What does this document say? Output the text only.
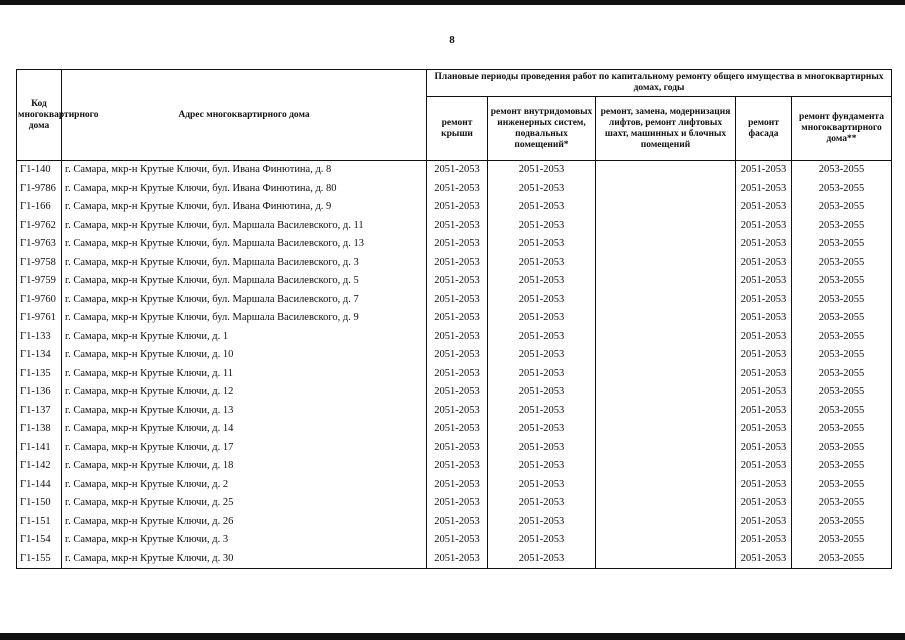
8
Код многоквартирного дома	Адрес многоквартирного дома	Плановые периоды проведения работ по капитальному ремонту общего имущества в многоквартирных домах, годы				
		ремонт крыши	ремонт внутридомовых инженерных систем, подвальных помещений*	ремонт, замена, модернизация лифтов, ремонт лифтовых шахт, машинных и блочных помещений	ремонт фасада	ремонт фундамента многоквартирного дома**
Г1-140	г. Самара, мкр-н Крутые Ключи, бул. Ивана Финютина, д. 8	2051-2053	2051-2053		2051-2053	2053-2055
Г1-9786	г. Самара, мкр-н Крутые Ключи, бул. Ивана Финютина, д. 80	2051-2053	2051-2053		2051-2053	2053-2055
Г1-166	г. Самара, мкр-н Крутые Ключи, бул. Ивана Финютина, д. 9	2051-2053	2051-2053		2051-2053	2053-2055
Г1-9762	г. Самара, мкр-н Крутые Ключи, бул. Маршала Василевского, д. 11	2051-2053	2051-2053		2051-2053	2053-2055
Г1-9763	г. Самара, мкр-н Крутые Ключи, бул. Маршала Василевского, д. 13	2051-2053	2051-2053		2051-2053	2053-2055
Г1-9758	г. Самара, мкр-н Крутые Ключи, бул. Маршала Василевского, д. 3	2051-2053	2051-2053		2051-2053	2053-2055
Г1-9759	г. Самара, мкр-н Крутые Ключи, бул. Маршала Василевского, д. 5	2051-2053	2051-2053		2051-2053	2053-2055
Г1-9760	г. Самара, мкр-н Крутые Ключи, бул. Маршала Василевского, д. 7	2051-2053	2051-2053		2051-2053	2053-2055
Г1-9761	г. Самара, мкр-н Крутые Ключи, бул. Маршала Василевского, д. 9	2051-2053	2051-2053		2051-2053	2053-2055
Г1-133	г. Самара, мкр-н Крутые Ключи, д. 1	2051-2053	2051-2053		2051-2053	2053-2055
Г1-134	г. Самара, мкр-н Крутые Ключи, д. 10	2051-2053	2051-2053		2051-2053	2053-2055
Г1-135	г. Самара, мкр-н Крутые Ключи, д. 11	2051-2053	2051-2053		2051-2053	2053-2055
Г1-136	г. Самара, мкр-н Крутые Ключи, д. 12	2051-2053	2051-2053		2051-2053	2053-2055
Г1-137	г. Самара, мкр-н Крутые Ключи, д. 13	2051-2053	2051-2053		2051-2053	2053-2055
Г1-138	г. Самара, мкр-н Крутые Ключи, д. 14	2051-2053	2051-2053		2051-2053	2053-2055
Г1-141	г. Самара, мкр-н Крутые Ключи, д. 17	2051-2053	2051-2053		2051-2053	2053-2055
Г1-142	г. Самара, мкр-н Крутые Ключи, д. 18	2051-2053	2051-2053		2051-2053	2053-2055
Г1-144	г. Самара, мкр-н Крутые Ключи, д. 2	2051-2053	2051-2053		2051-2053	2053-2055
Г1-150	г. Самара, мкр-н Крутые Ключи, д. 25	2051-2053	2051-2053		2051-2053	2053-2055
Г1-151	г. Самара, мкр-н Крутые Ключи, д. 26	2051-2053	2051-2053		2051-2053	2053-2055
Г1-154	г. Самара, мкр-н Крутые Ключи, д. 3	2051-2053	2051-2053		2051-2053	2053-2055
Г1-155	г. Самара, мкр-н Крутые Ключи, д. 30	2051-2053	2051-2053		2051-2053	2053-2055
